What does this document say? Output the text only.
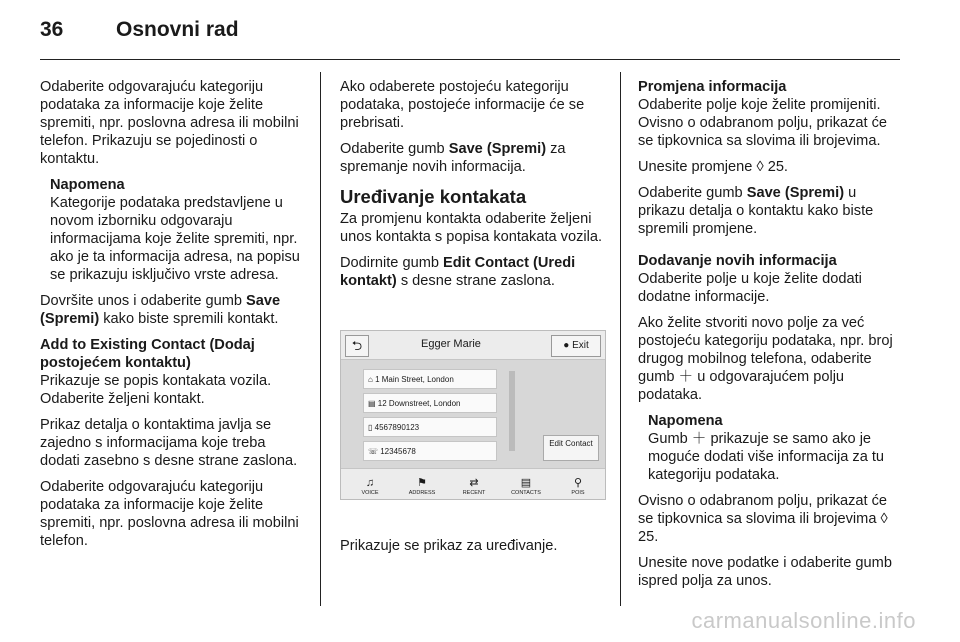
36	Osnovni rad

Odaberite odgovarajuću kategoriju podataka za informacije koje želite spremiti, npr. poslovna adresa ili mobilni telefon. Prikazuju se pojedinosti o kontaktu.

Napomena
Kategorije podataka predstavljene u novom izborniku odgovaraju informacijama koje želite spremiti, npr. ako je ta informacija adresa, na popisu se prikazuju isključivo vrste adresa.

Dovršite unos i odaberite gumb Save (Spremi) kako biste spremili kontakt.

Add to Existing Contact (Dodaj postojećem kontaktu)

Prikazuje se popis kontakata vozila. Odaberite željeni kontakt.

Prikaz detalja o kontaktima javlja se zajedno s informacijama koje treba dodati zasebno s desne strane zaslona.

Odaberite odgovarajuću kategoriju podataka za informacije koje želite spremiti, npr. poslovna adresa ili mobilni telefon.

Ako odaberete postojeću kategoriju podataka, postojeće informacije će se prebrisati.

Odaberite gumb Save (Spremi) za spremanje novih informacija.

Uređivanje kontakata

Za promjenu kontakta odaberite željeni unos kontakta s popisa kontakata vozila.

Dodirnite gumb Edit Contact (Uredi kontakt) s desne strane zaslona.

⮌	Egger Marie	● Exit
⌂ 1 Main Street, London
▤ 12 Downstreet, London
▯ 4567890123
☏ 12345678
Edit Contact
♫
VOICE
⚑
ADDRESS
⇄
RECENT
▤
CONTACTS
⚲
POIS
Prikazuje se prikaz za uređivanje.
Promjena informacija

Odaberite polje koje želite promijeniti. Ovisno o odabranom polju, prikazat će se tipkovnica sa slovima ili brojevima.

Unesite promjene ◊ 25.

Odaberite gumb Save (Spremi) u prikazu detalja o kontaktu kako biste spremili promjene.

Dodavanje novih informacija

Odaberite polje u koje želite dodati dodatne informacije.

Ako želite stvoriti novo polje za već postojeću kategoriju podataka, npr. broj drugog mobilnog telefona, odaberite gumb ＋ u odgovarajućem polju podataka.

Napomena
Gumb ＋ prikazuje se samo ako je moguće dodati više informacija za tu kategoriju podataka.

Ovisno o odabranom polju, prikazat će se tipkovnica sa slovima ili brojevima ◊ 25.

Unesite nove podatke i odaberite gumb ispred polja za unos.

carmanualsonline.info
